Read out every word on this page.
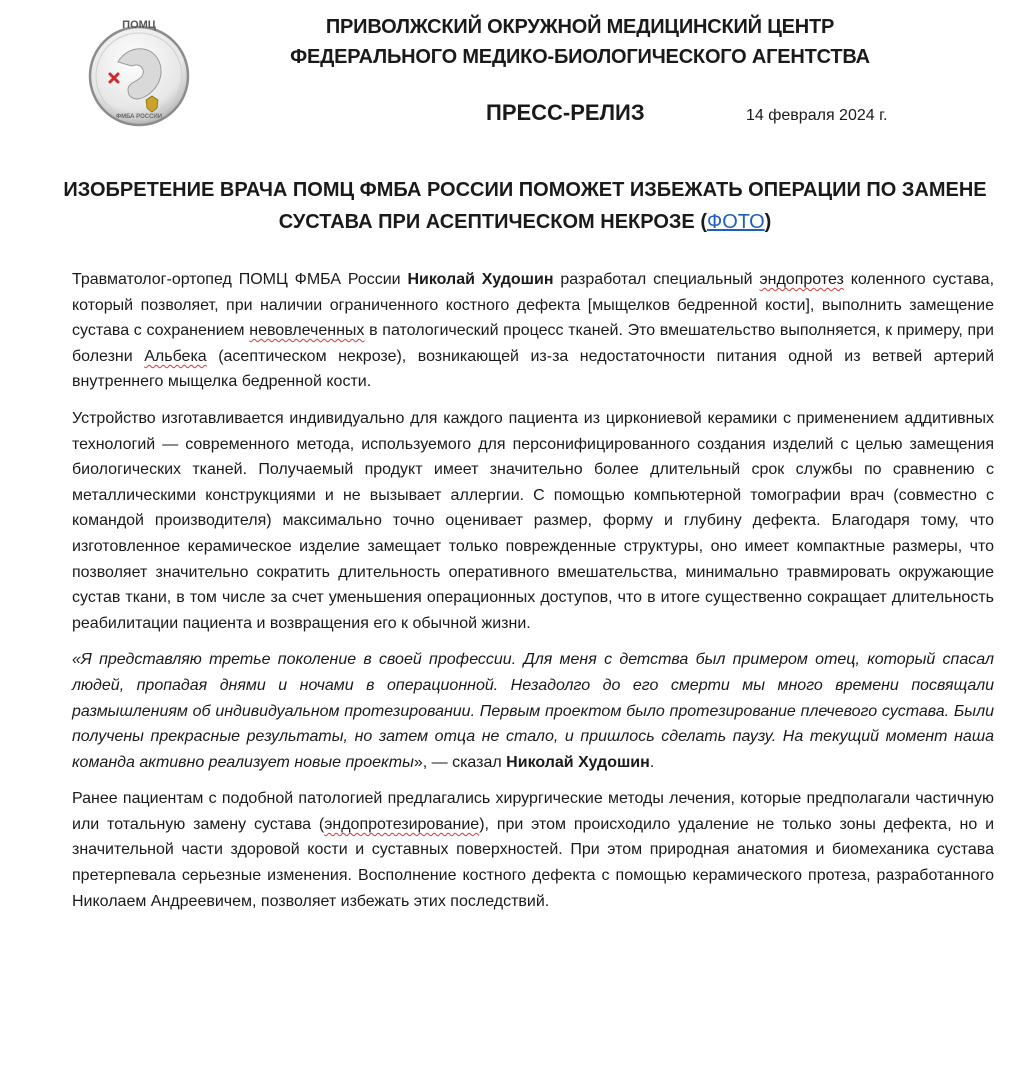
ПОМЦ
ФМБА РОССИИ
ПРИВОЛЖСКИЙ ОКРУЖНОЙ МЕДИЦИНСКИЙ ЦЕНТР
ФЕДЕРАЛЬНОГО МЕДИКО-БИОЛОГИЧЕСКОГО АГЕНТСТВА
ПРЕСС-РЕЛИЗ	14 февраля 2024 г.
ИЗОБРЕТЕНИЕ ВРАЧА ПОМЦ ФМБА РОССИИ ПОМОЖЕТ ИЗБЕЖАТЬ ОПЕРАЦИИ ПО ЗАМЕНЕ СУСТАВА ПРИ АСЕПТИЧЕСКОМ НЕКРОЗЕ (ФОТО)

Травматолог-ортопед ПОМЦ ФМБА России Николай Худошин разработал специальный эндопротез коленного сустава, который позволяет, при наличии ограниченного костного дефекта [мыщелков бедренной кости], выполнить замещение сустава с сохранением невовлеченных в патологический процесс тканей. Это вмешательство выполняется, к примеру, при болезни Альбека (асептическом некрозе), возникающей из-за недостаточности питания одной из ветвей артерий внутреннего мыщелка бедренной кости.

Устройство изготавливается индивидуально для каждого пациента из циркониевой керамики с применением аддитивных технологий — современного метода, используемого для персонифицированного создания изделий с целью замещения биологических тканей. Получаемый продукт имеет значительно более длительный срок службы по сравнению с металлическими конструкциями и не вызывает аллергии. С помощью компьютерной томографии врач (совместно с командой производителя) максимально точно оценивает размер, форму и глубину дефекта. Благодаря тому, что изготовленное керамическое изделие замещает только поврежденные структуры, оно имеет компактные размеры, что позволяет значительно сократить длительность оперативного вмешательства, минимально травмировать окружающие сустав ткани, в том числе за счет уменьшения операционных доступов, что в итоге существенно сокращает длительность реабилитации пациента и возвращения его к обычной жизни.

«Я представляю третье поколение в своей профессии. Для меня с детства был примером отец, который спасал людей, пропадая днями и ночами в операционной. Незадолго до его смерти мы много времени посвящали размышлениям об индивидуальном протезировании. Первым проектом было протезирование плечевого сустава. Были получены прекрасные результаты, но затем отца не стало, и пришлось сделать паузу. На текущий момент наша команда активно реализует новые проекты», — сказал Николай Худошин.

Ранее пациентам с подобной патологией предлагались хирургические методы лечения, которые предполагали частичную или тотальную замену сустава (эндопротезирование), при этом происходило удаление не только зоны дефекта, но и значительной части здоровой кости и суставных поверхностей. При этом природная анатомия и биомеханика сустава претерпевала серьезные изменения. Восполнение костного дефекта с помощью керамического протеза, разработанного Николаем Андреевичем, позволяет избежать этих последствий.
